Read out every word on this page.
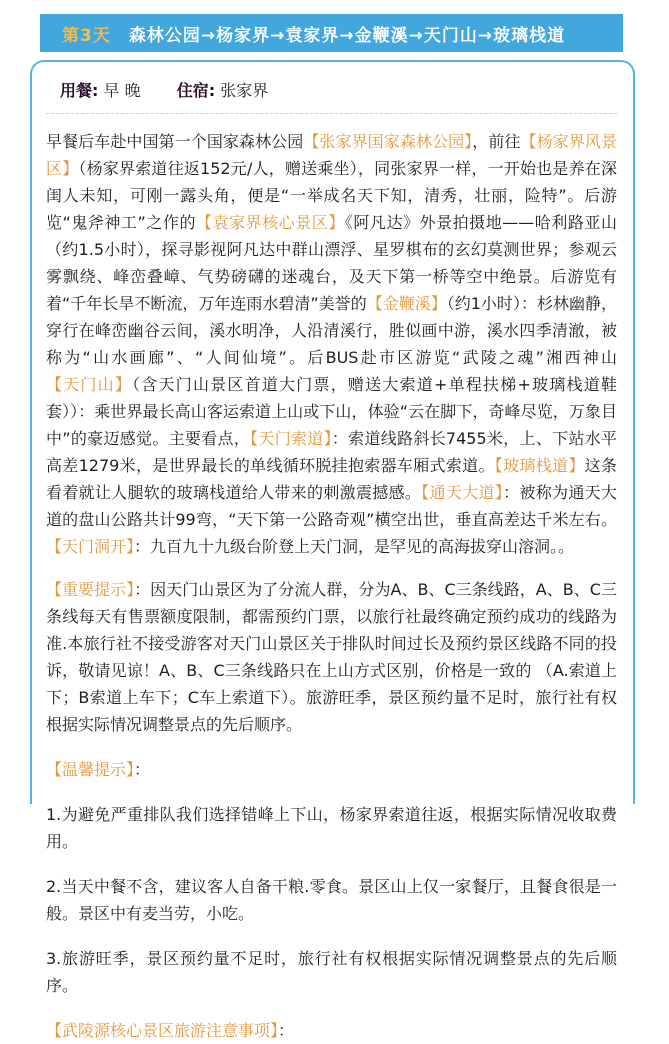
第3天 森林公园→杨家界→袁家界→金鞭溪→天门山→玻璃栈道
用餐: 早 晚 住宿: 张家界

早餐后车赴中国第一个国家森林公园【张家界国家森林公园】，前往【杨家界风景区】（杨家界索道往返152元/人，赠送乘坐），同张家界一样，一开始也是养在深闺人未知，可刚一露头角，便是“一举成名天下知，清秀，壮丽，险特”。后游览“鬼斧神工”之作的【袁家界核心景区】《阿凡达》外景拍摄地——哈利路亚山（约1.5小时），探寻影视阿凡达中群山漂浮、星罗棋布的玄幻莫测世界；参观云雾飘绕、峰峦叠嶂、气势磅礴的迷魂台，及天下第一桥等空中绝景。后游览有着“千年长旱不断流，万年连雨水碧清”美誉的【金鞭溪】（约1小时）：杉林幽静，穿行在峰峦幽谷云间，溪水明净，人沿清溪行，胜似画中游，溪水四季清澈，被称为“山水画廊”、“人间仙境”。后BUS赴市区游览“武陵之魂”湘西神山【天门山】（含天门山景区首道大门票，赠送大索道+单程扶梯+玻璃栈道鞋套））：乘世界最长高山客运索道上山或下山，体验“云在脚下，奇峰尽览，万象目中”的豪迈感觉。主要看点，【天门索道】：索道线路斜长7455米，上、下站水平高差1279米，是世界最长的单线循环脱挂抱索器车厢式索道。【玻璃栈道】这条看着就让人腿软的玻璃栈道给人带来的刺激震撼感。【通天大道】：被称为通天大道的盘山公路共计99弯，“天下第一公路奇观”横空出世，垂直高差达千米左右。【天门洞开】：九百九十九级台阶登上天门洞，是罕见的高海拔穿山溶洞。。

【重要提示】：因天门山景区为了分流人群，分为A、B、C三条线路，A、B、C三条线每天有售票额度限制，都需预约门票，以旅行社最终确定预约成功的线路为准.本旅行社不接受游客对天门山景区关于排队时间过长及预约景区线路不同的投诉，敬请见谅！A、B、C三条线路只在上山方式区别，价格是一致的 （A.索道上下；B索道上车下；C车上索道下）。旅游旺季，景区预约量不足时，旅行社有权根据实际情况调整景点的先后顺序。

【温馨提示】：

1.为避免严重排队我们选择错峰上下山，杨家界索道往返，根据实际情况收取费用。

2.当天中餐不含，建议客人自备干粮.零食。景区山上仅一家餐厅，且餐食很是一般。景区中有麦当劳，小吃。

3.旅游旺季，景区预约量不足时，旅行社有权根据实际情况调整景点的先后顺序。

【武陵源核心景区旅游注意事项】：
